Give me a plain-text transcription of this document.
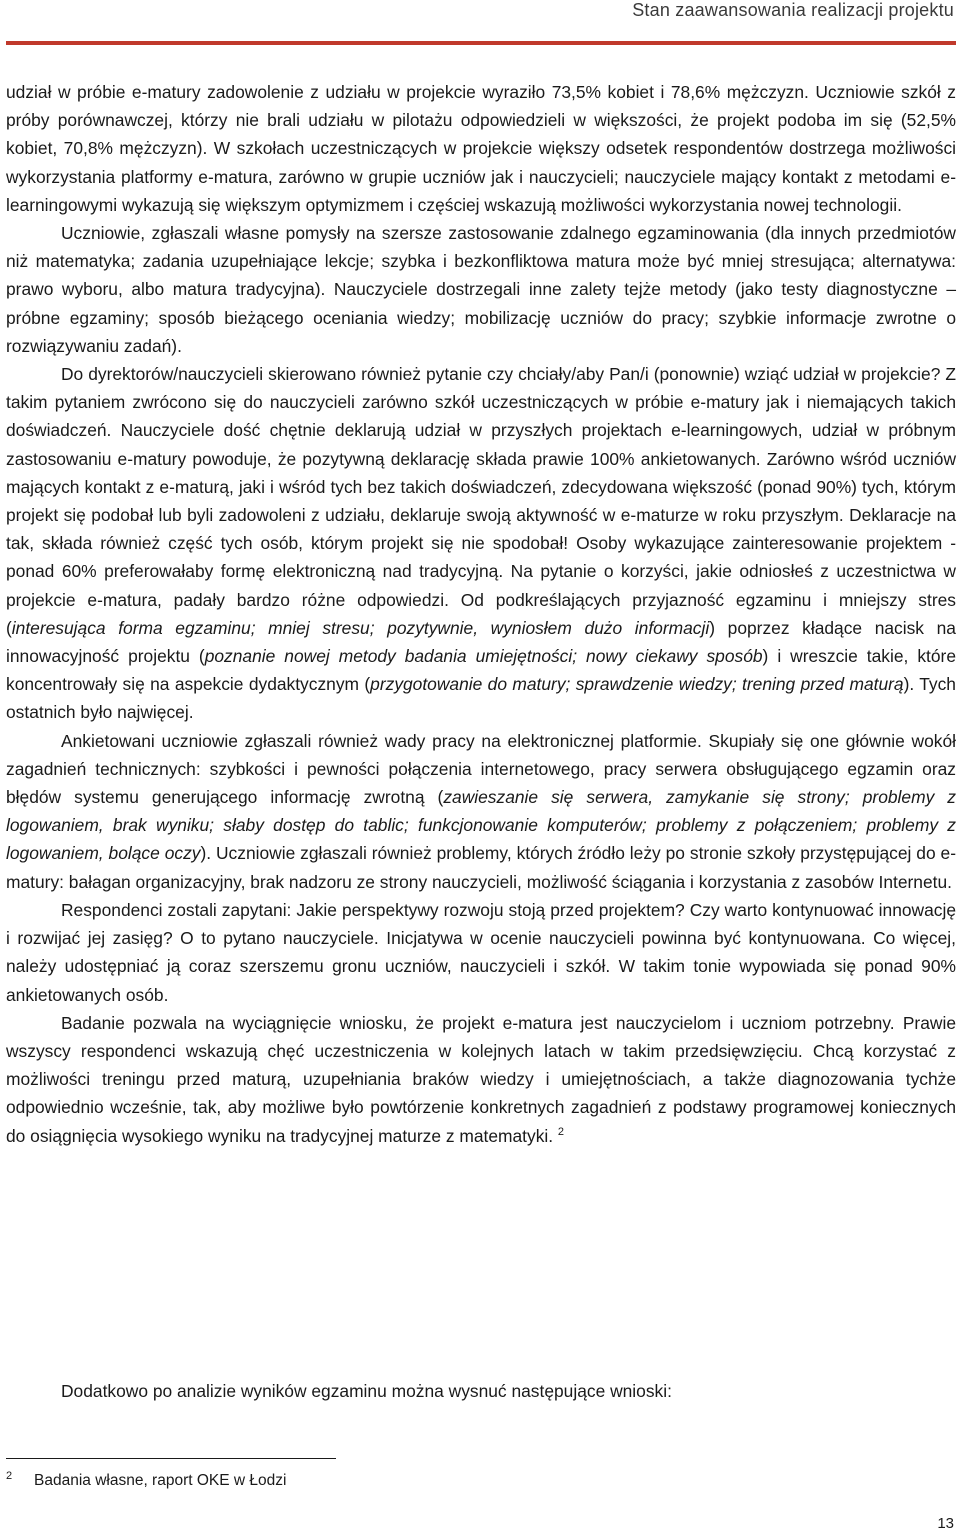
Stan zaawansowania realizacji projektu

udział w próbie e-matury zadowolenie z udziału w projekcie wyraziło 73,5% kobiet i 78,6% mężczyzn. Uczniowie szkół z próby porównawczej, którzy nie brali udziału w pilotażu odpowiedzieli w większości, że projekt podoba im się (52,5% kobiet, 70,8% mężczyzn). W szkołach uczestniczących w projekcie większy odsetek respondentów dostrzega możliwości wykorzystania platformy e-matura, zarówno w grupie uczniów jak i nauczycieli; nauczyciele mający kontakt z metodami e-learningowymi wykazują się większym optymizmem i częściej wskazują możliwości wykorzystania nowej technologii.

Uczniowie, zgłaszali własne pomysły na szersze zastosowanie zdalnego egzaminowania (dla innych przedmiotów niż matematyka; zadania uzupełniające lekcje; szybka i bezkonfliktowa matura może być mniej stresująca; alternatywa: prawo wyboru, albo matura tradycyjna). Nauczyciele dostrzegali inne zalety tejże metody (jako testy diagnostyczne – próbne egzaminy; sposób bieżącego oceniania wiedzy; mobilizację uczniów do pracy; szybkie informacje zwrotne o rozwiązywaniu zadań).

Do dyrektorów/nauczycieli skierowano również pytanie czy chciały/aby Pan/i (ponownie) wziąć udział w projekcie? Z takim pytaniem zwrócono się do nauczycieli zarówno szkół uczestniczących w próbie e-matury jak i niemających takich doświadczeń. Nauczyciele dość chętnie deklarują udział w przyszłych projektach e-learningowych, udział w próbnym zastosowaniu e-matury powoduje, że pozytywną deklarację składa prawie 100% ankietowanych. Zarówno wśród uczniów mających kontakt z e-maturą, jaki i wśród tych bez takich doświadczeń, zdecydowana większość (ponad 90%) tych, którym projekt się podobał lub byli zadowoleni z udziału, deklaruje swoją aktywność w e-maturze w roku przyszłym. Deklaracje na tak, składa również część tych osób, którym projekt się nie spodobał! Osoby wykazujące zainteresowanie projektem - ponad 60% preferowałaby formę elektroniczną nad tradycyjną. Na pytanie o korzyści, jakie odniosłeś z uczestnictwa w projekcie e-matura, padały bardzo różne odpowiedzi. Od podkreślających przyjazność egzaminu i mniejszy stres (interesująca forma egzaminu; mniej stresu; pozytywnie, wyniosłem dużo informacji) poprzez kładące nacisk na innowacyjność projektu (poznanie nowej metody badania umiejętności; nowy ciekawy sposób) i wreszcie takie, które koncentrowały się na aspekcie dydaktycznym (przygotowanie do matury; sprawdzenie wiedzy; trening przed maturą). Tych ostatnich było najwięcej.

Ankietowani uczniowie zgłaszali również wady pracy na elektronicznej platformie. Skupiały się one głównie wokół zagadnień technicznych: szybkości i pewności połączenia internetowego, pracy serwera obsługującego egzamin oraz błędów systemu generującego informację zwrotną (zawieszanie się serwera, zamykanie się strony; problemy z logowaniem, brak wyniku; słaby dostęp do tablic; funkcjonowanie komputerów; problemy z połączeniem; problemy z logowaniem, bolące oczy). Uczniowie zgłaszali również problemy, których źródło leży po stronie szkoły przystępującej do e-matury: bałagan organizacyjny, brak nadzoru ze strony nauczycieli, możliwość ściągania i korzystania z zasobów Internetu.

Respondenci zostali zapytani: Jakie perspektywy rozwoju stoją przed projektem? Czy warto kontynuować innowację i rozwijać jej zasięg? O to pytano nauczyciele. Inicjatywa w ocenie nauczycieli powinna być kontynuowana. Co więcej, należy udostępniać ją coraz szerszemu gronu uczniów, nauczycieli i szkół. W takim tonie wypowiada się ponad 90% ankietowanych osób.

Badanie pozwala na wyciągnięcie wniosku, że projekt e-matura jest nauczycielom i uczniom potrzebny. Prawie wszyscy respondenci wskazują chęć uczestniczenia w kolejnych latach w takim przedsięwzięciu. Chcą korzystać z możliwości treningu przed maturą, uzupełniania braków wiedzy i umiejętnościach, a także diagnozowania tychże odpowiednio wcześnie, tak, aby możliwe było powtórzenie konkretnych zagadnień z podstawy programowej koniecznych do osiągnięcia wysokiego wyniku na tradycyjnej maturze z matematyki. $^2$

Dodatkowo po analizie wyników egzaminu można wysnuć następujące wnioski:
2 Badania własne, raport OKE w Łodzi
13
